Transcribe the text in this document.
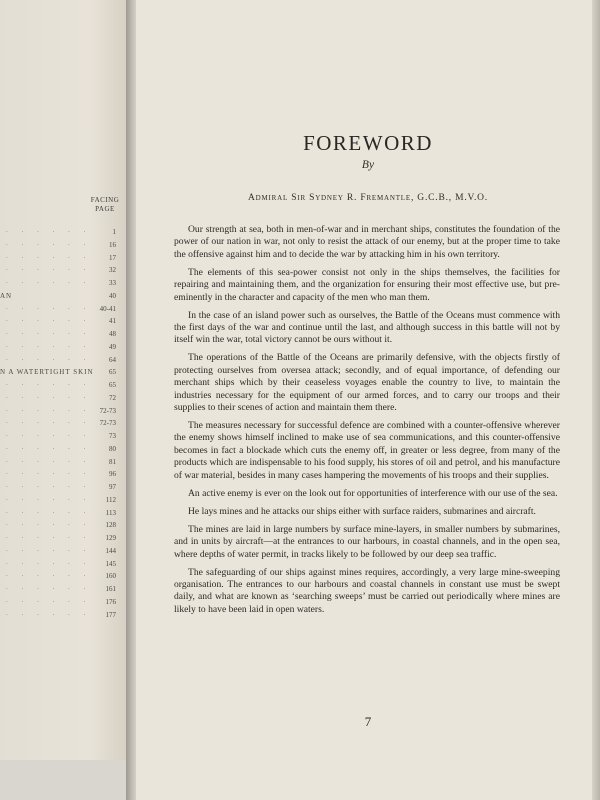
FACING
PAGE
. . . . . .	1
. . . . . .	16
. . . . . .	17
. . . . . .	32
. . . . . .	33
AN	40
. . . . . . 40-41
. . . . . .	41
. . . . . .	48
. . . . . .	49
. . . . . .	64
N A WATERTIGHT SKIN 65
. . . . . .	65
. . . . . .	72
. . . . . . 72-73
. . . . . . 72-73
. . . . . .	73
. . . . . .	80
. . . . . .	81
. . . . . .	96
. . . . . .	97
. . . . . . 112
. . . . . . 113
. . . . . . 128
. . . . . . 129
. . . . . . 144
. . . . . . 145
. . . . . . 160
. . . . . . 161
. . . . . . 176
. . . . . . 177
FOREWORD
By
Admiral Sir Sydney R. Fremantle, G.C.B., M.V.O.

Our strength at sea, both in men-of-war and in merchant ships, constitutes the foundation of the power of our nation in war, not only to resist the attack of our enemy, but at the proper time to take the offensive against him and to decide the war by attacking him in his own territory.

The elements of this sea-power consist not only in the ships themselves, the facilities for repairing and maintaining them, and the organization for ensuring their most effective use, but pre-eminently in the character and capacity of the men who man them.

In the case of an island power such as ourselves, the Battle of the Oceans must commence with the first days of the war and continue until the last, and although success in this battle will not by itself win the war, total victory cannot be ours without it.

The operations of the Battle of the Oceans are primarily defensive, with the objects firstly of protecting ourselves from oversea attack; secondly, and of equal importance, of defending our merchant ships which by their ceaseless voyages enable the country to live, to maintain the industries necessary for the equipment of our armed forces, and to carry our troops and their supplies to their scenes of action and maintain them there.

The measures necessary for successful defence are combined with a counter-offensive wherever the enemy shows himself inclined to make use of sea communications, and this counter-offensive becomes in fact a blockade which cuts the enemy off, in greater or less degree, from many of the products which are indispensable to his food supply, his stores of oil and petrol, and his manufacture of war material, besides in many cases hampering the movements of his troops and their supplies.

An active enemy is ever on the look out for opportunities of interference with our use of the sea.

He lays mines and he attacks our ships either with surface raiders, submarines and aircraft.

The mines are laid in large numbers by surface mine-layers, in smaller numbers by submarines, and in units by aircraft—at the entrances to our harbours, in coastal channels, and in the open sea, where depths of water permit, in tracks likely to be followed by our deep sea traffic.

The safeguarding of our ships against mines requires, accordingly, a very large mine-sweeping organisation. The entrances to our harbours and coastal channels in constant use must be swept daily, and what are known as ‘searching sweeps’ must be carried out periodically where mines are likely to have been laid in open waters.

7
